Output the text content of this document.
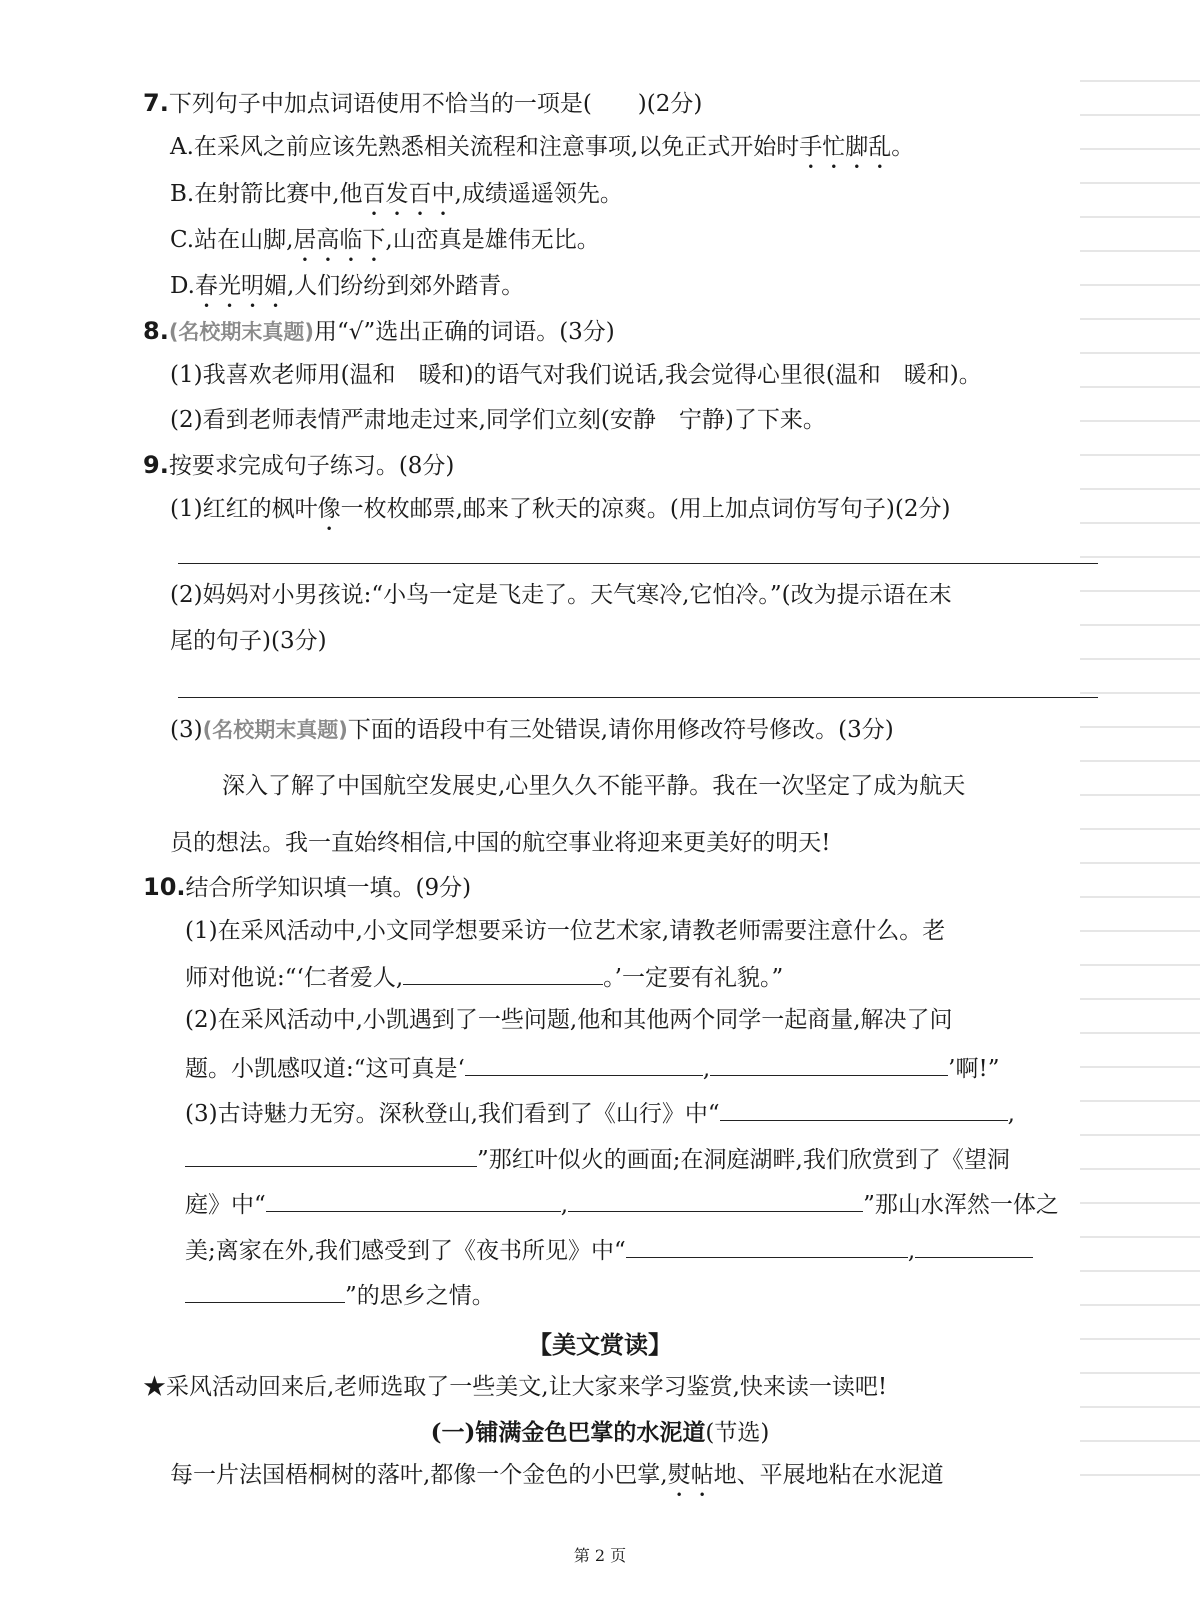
7.下列句子中加点词语使用不恰当的一项是(　　)(2分)
A.在采风之前应该先熟悉相关流程和注意事项,以免正式开始时手忙脚乱。
B.在射箭比赛中,他百发百中,成绩遥遥领先。
C.站在山脚,居高临下,山峦真是雄伟无比。
D.春光明媚,人们纷纷到郊外踏青。
8.(名校期末真题)用“√”选出正确的词语。(3分)
(1)我喜欢老师用(温和　暖和)的语气对我们说话,我会觉得心里很(温和　暖和)。
(2)看到老师表情严肃地走过来,同学们立刻(安静　宁静)了下来。
9.按要求完成句子练习。(8分)
(1)红红的枫叶像一枚枚邮票,邮来了秋天的凉爽。(用上加点词仿写句子)(2分)
(2)妈妈对小男孩说:“小鸟一定是飞走了。天气寒冷,它怕冷。”(改为提示语在末
尾的句子)(3分)
(3)(名校期末真题)下面的语段中有三处错误,请你用修改符号修改。(3分)
深入了解了中国航空发展史,心里久久不能平静。我在一次坚定了成为航天
员的想法。我一直始终相信,中国的航空事业将迎来更美好的明天!
10.结合所学知识填一填。(9分)
(1)在采风活动中,小文同学想要采访一位艺术家,请教老师需要注意什么。老
师对他说:“‘仁者爱人,	。’一定要有礼貌。”
(2)在采风活动中,小凯遇到了一些问题,他和其他两个同学一起商量,解决了问
题。小凯感叹道:“这可真是‘	,	’啊!”
(3)古诗魅力无穷。深秋登山,我们看到了《山行》中“	,
”那红叶似火的画面;在洞庭湖畔,我们欣赏到了《望洞
庭》中“	,	”那山水浑然一体之
美;离家在外,我们感受到了《夜书所见》中“	,
”的思乡之情。
【美文赏读】
★采风活动回来后,老师选取了一些美文,让大家来学习鉴赏,快来读一读吧!
(一)铺满金色巴掌的水泥道(节选)
每一片法国梧桐树的落叶,都像一个金色的小巴掌,熨帖地、平展地粘在水泥道
第 2 页
